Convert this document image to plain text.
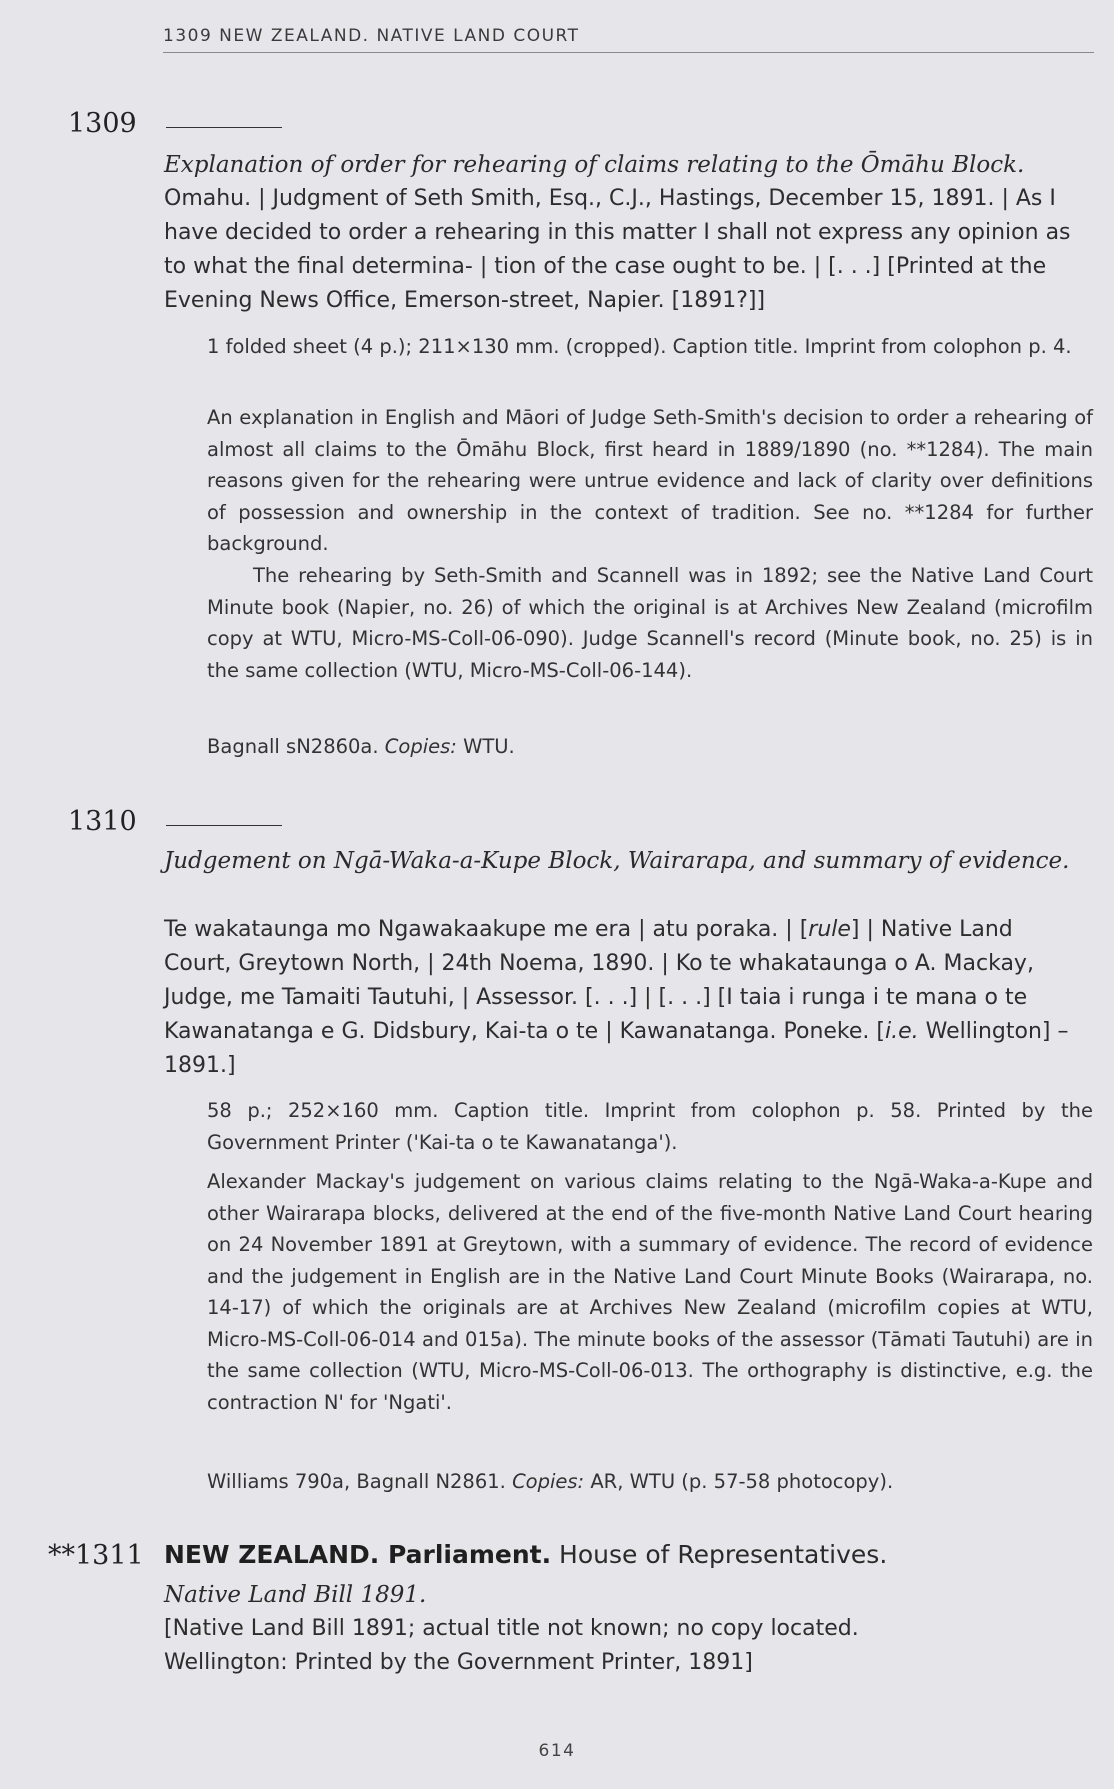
1309 NEW ZEALAND. NATIVE LAND COURT
1309
Explanation of order for rehearing of claims relating to the Ōmāhu Block.
Omahu. | Judgment of Seth Smith, Esq., C.J., Hastings, December 15, 1891. | As I have decided to order a rehearing in this matter I shall not express any opinion as to what the final determina- | tion of the case ought to be. | [. . .] [Printed at the Evening News Office, Emerson-street, Napier. [1891?]]
1 folded sheet (4 p.); 211×130 mm. (cropped). Caption title. Imprint from colophon p. 4.
An explanation in English and Māori of Judge Seth-Smith's decision to order a rehearing of almost all claims to the Ōmāhu Block, first heard in 1889/1890 (no. **1284). The main reasons given for the rehearing were untrue evidence and lack of clarity over definitions of possession and ownership in the context of tradition. See no. **1284 for further background.
The rehearing by Seth-Smith and Scannell was in 1892; see the Native Land Court Minute book (Napier, no. 26) of which the original is at Archives New Zealand (microfilm copy at WTU, Micro-MS-Coll-06-090). Judge Scannell's record (Minute book, no. 25) is in the same collection (WTU, Micro-MS-Coll-06-144).
Bagnall sN2860a. Copies: WTU.
1310
Judgement on Ngā-Waka-a-Kupe Block, Wairarapa, and summary of evidence.
Te wakataunga mo Ngawakaakupe me era | atu poraka. | [rule] | Native Land Court, Greytown North, | 24th Noema, 1890. | Ko te whakataunga o A. Mackay, Judge, me Tamaiti Tautuhi, | Assessor. [. . .] | [. . .] [I taia i runga i te mana o te Kawanatanga e G. Didsbury, Kai-ta o te | Kawanatanga. Poneke. [i.e. Wellington] –1891.]
58 p.; 252×160 mm. Caption title. Imprint from colophon p. 58. Printed by the Government Printer ('Kai-ta o te Kawanatanga').
Alexander Mackay's judgement on various claims relating to the Ngā-Waka-a-Kupe and other Wairarapa blocks, delivered at the end of the five-month Native Land Court hearing on 24 November 1891 at Greytown, with a summary of evidence. The record of evidence and the judgement in English are in the Native Land Court Minute Books (Wairarapa, no. 14-17) of which the originals are at Archives New Zealand (microfilm copies at WTU, Micro-MS-Coll-06-014 and 015a). The minute books of the assessor (Tāmati Tautuhi) are in the same collection (WTU, Micro-MS-Coll-06-013. The orthography is distinctive, e.g. the contraction N' for 'Ngati'.
Williams 790a, Bagnall N2861. Copies: AR, WTU (p. 57-58 photocopy).
**1311 NEW ZEALAND. Parliament. House of Representatives.
Native Land Bill 1891.
[Native Land Bill 1891; actual title not known; no copy located.
Wellington: Printed by the Government Printer, 1891]
614
